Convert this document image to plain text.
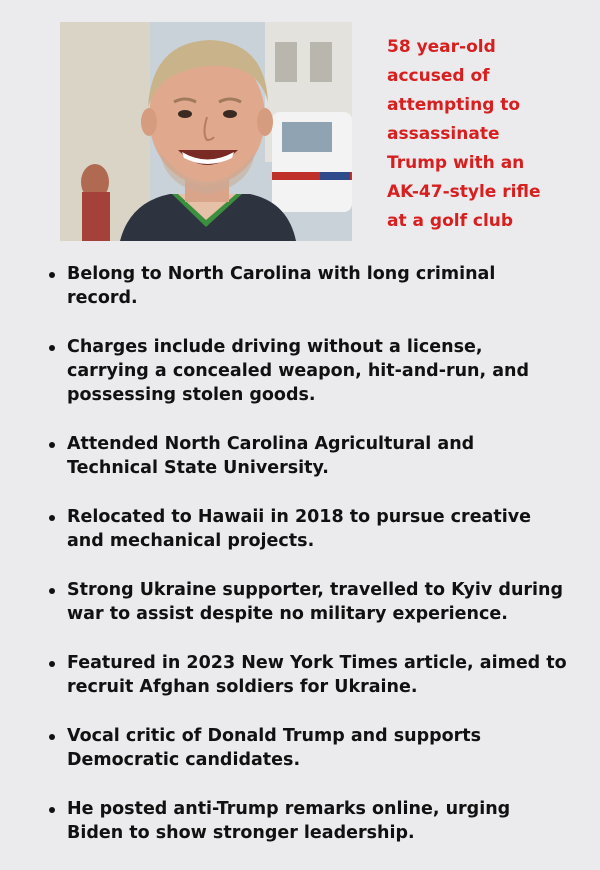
58 year-old
accused of
attempting to
assassinate
Trump with an
AK-47-style rifle
at a golf club

Belong to North Carolina with long criminal
record.
Charges include driving without a license,
carrying a concealed weapon, hit-and-run, and
possessing stolen goods.
Attended North Carolina Agricultural and
Technical State University.
Relocated to Hawaii in 2018 to pursue creative
and mechanical projects.
Strong Ukraine supporter, travelled to Kyiv during
war to assist despite no military experience.
Featured in 2023 New York Times article, aimed to
recruit Afghan soldiers for Ukraine.
Vocal critic of Donald Trump and supports
Democratic candidates.
He posted anti-Trump remarks online, urging
Biden to show stronger leadership.
